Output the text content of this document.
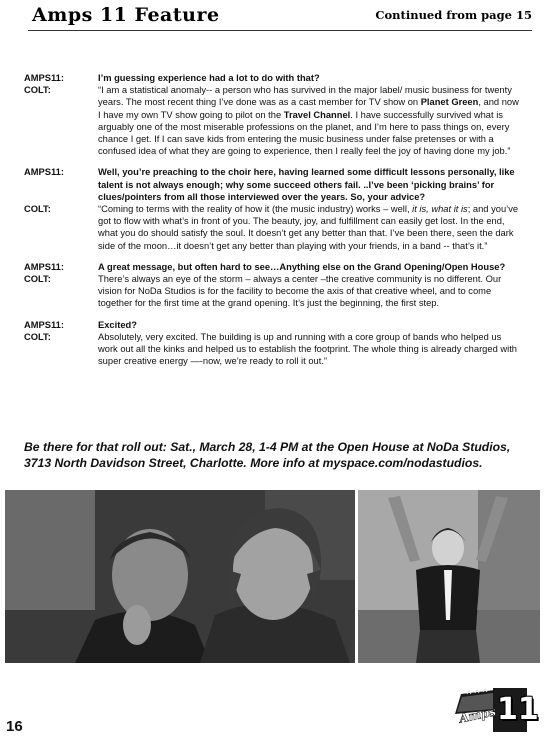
Amps 11 Feature	Continued from page 15
AMPS11:	I’m guessing experience had a lot to do with that?
COLT:	“I am a statistical anomaly-- a person who has survived in the major label/ music business for twenty years. The most recent thing I’ve done was as a cast member for TV show on Planet Green, and now I have my own TV show going to pilot on the Travel Channel. I have successfully survived what is arguably one of the most miserable professions on the planet, and I’m here to pass things on, every chance I get. If I can save kids from entering the music business under false pretenses or with a confused idea of what they are going to experience, then I really feel the joy of having done my job.”
AMPS11:	Well, you’re preaching to the choir here, having learned some difficult lessons personally, like talent is not always enough; why some succeed others fail. ..I’ve been ‘picking brains’ for clues/pointers from all those interviewed over the years. So, your advice?
COLT:	“Coming to terms with the reality of how it (the music industry) works – well, it is, what it is; and you’ve got to flow with what’s in front of you. The beauty, joy, and fulfillment can easily get lost. In the end, what you do should satisfy the soul. It doesn’t get any better than that. I’ve been there, seen the dark side of the moon…it doesn’t get any better than playing with your friends, in a band -- that’s it.”
AMPS11:	A great message, but often hard to see…Anything else on the Grand Opening/Open House?
COLT:	There’s always an eye of the storm – always a center –the creative community is no different. Our vision for NoDa Studios is for the facility to become the axis of that creative wheel, and to come together for the first time at the grand opening. It’s just the beginning, the first step.
AMPS11:	Excited?
COLT:	Absolutely, very excited. The building is up and running with a core group of bands who helped us work out all the kinks and helped us to establish the footprint. The whole thing is already charged with super creative energy —-now, we’re ready to roll it out.”
Be there for that roll out: Sat., March 28, 1-4 PM at the Open House at NoDa Studios, 3713 North Davidson Street, Charlotte. More info at myspace.com/nodastudios.
16
Amps 11
